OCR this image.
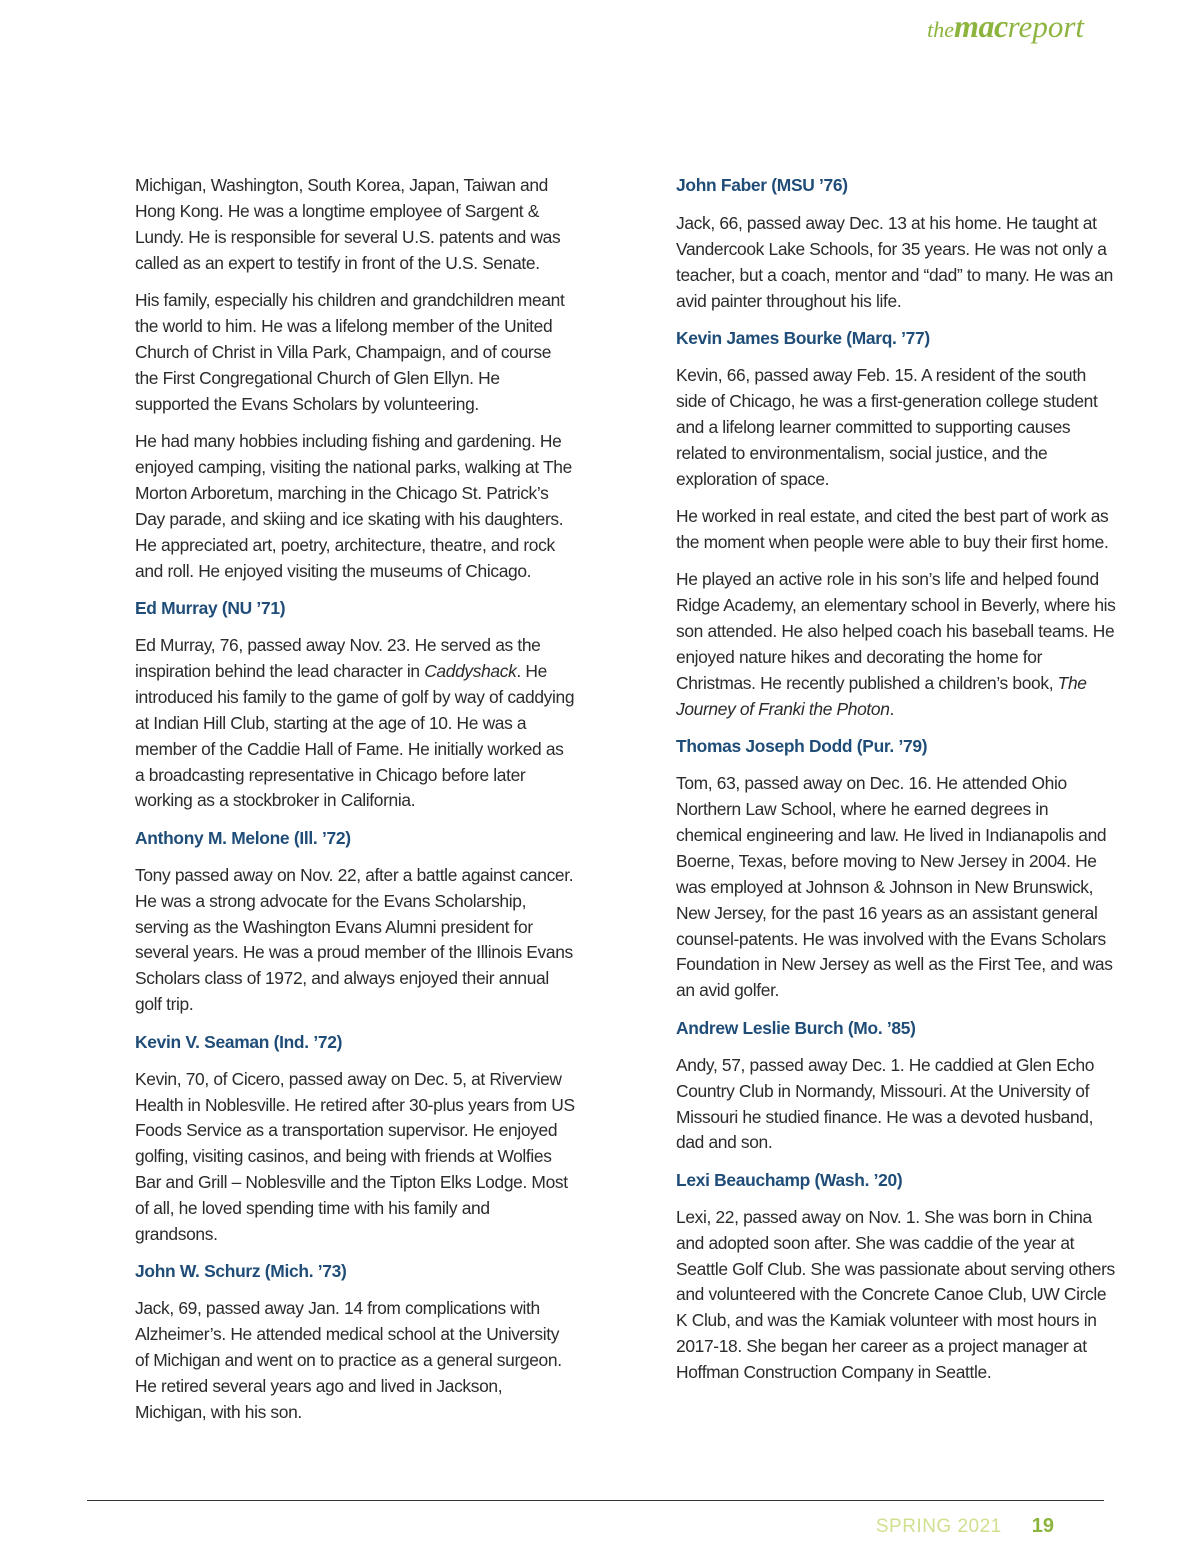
themacreport

Michigan, Washington, South Korea, Japan, Taiwan and Hong Kong. He was a longtime employee of Sargent & Lundy. He is responsible for several U.S. patents and was called as an expert to testify in front of the U.S. Senate.

His family, especially his children and grandchildren meant the world to him. He was a lifelong member of the United Church of Christ in Villa Park, Champaign, and of course the First Congregational Church of Glen Ellyn. He supported the Evans Scholars by volunteering.

He had many hobbies including fishing and gardening. He enjoyed camping, visiting the national parks, walking at The Morton Arboretum, marching in the Chicago St. Patrick’s Day parade, and skiing and ice skating with his daughters. He appreciated art, poetry, architecture, theatre, and rock and roll. He enjoyed visiting the museums of Chicago.

Ed Murray (NU ’71)

Ed Murray, 76, passed away Nov. 23. He served as the inspiration behind the lead character in Caddyshack. He introduced his family to the game of golf by way of caddying at Indian Hill Club, starting at the age of 10. He was a member of the Caddie Hall of Fame. He initially worked as a broadcasting representative in Chicago before later working as a stockbroker in California.

Anthony M. Melone (Ill. ’72)

Tony passed away on Nov. 22, after a battle against cancer. He was a strong advocate for the Evans Scholarship, serving as the Washington Evans Alumni president for several years. He was a proud member of the Illinois Evans Scholars class of 1972, and always enjoyed their annual golf trip.

Kevin V. Seaman (Ind. ’72)

Kevin, 70, of Cicero, passed away on Dec. 5, at Riverview Health in Noblesville. He retired after 30-plus years from US Foods Service as a transportation supervisor. He enjoyed golfing, visiting casinos, and being with friends at Wolfies Bar and Grill – Noblesville and the Tipton Elks Lodge. Most of all, he loved spending time with his family and grandsons.

John W. Schurz (Mich. ’73)

Jack, 69, passed away Jan. 14 from complications with Alzheimer’s. He attended medical school at the University of Michigan and went on to practice as a general surgeon. He retired several years ago and lived in Jackson, Michigan, with his son.

John Faber (MSU ’76)

Jack, 66, passed away Dec. 13 at his home. He taught at Vandercook Lake Schools, for 35 years. He was not only a teacher, but a coach, mentor and “dad” to many. He was an avid painter throughout his life.

Kevin James Bourke (Marq. ’77)

Kevin, 66, passed away Feb. 15. A resident of the south side of Chicago, he was a first-generation college student and a lifelong learner committed to supporting causes related to environmentalism, social justice, and the exploration of space.

He worked in real estate, and cited the best part of work as the moment when people were able to buy their first home.

He played an active role in his son’s life and helped found Ridge Academy, an elementary school in Beverly, where his son attended. He also helped coach his baseball teams. He enjoyed nature hikes and decorating the home for Christmas. He recently published a children’s book, The Journey of Franki the Photon.

Thomas Joseph Dodd (Pur. ’79)

Tom, 63, passed away on Dec. 16. He attended Ohio Northern Law School, where he earned degrees in chemical engineering and law. He lived in Indianapolis and Boerne, Texas, before moving to New Jersey in 2004. He was employed at Johnson & Johnson in New Brunswick, New Jersey, for the past 16 years as an assistant general counsel-patents. He was involved with the Evans Scholars Foundation in New Jersey as well as the First Tee, and was an avid golfer.

Andrew Leslie Burch (Mo. ’85)

Andy, 57, passed away Dec. 1. He caddied at Glen Echo Country Club in Normandy, Missouri. At the University of Missouri he studied finance. He was a devoted husband, dad and son.

Lexi Beauchamp (Wash. ’20)

Lexi, 22, passed away on Nov. 1. She was born in China and adopted soon after. She was caddie of the year at Seattle Golf Club. She was passionate about serving others and volunteered with the Concrete Canoe Club, UW Circle K Club, and was the Kamiak volunteer with most hours in 2017-18. She began her career as a project manager at Hoffman Construction Company in Seattle.

SPRING 2021 19
